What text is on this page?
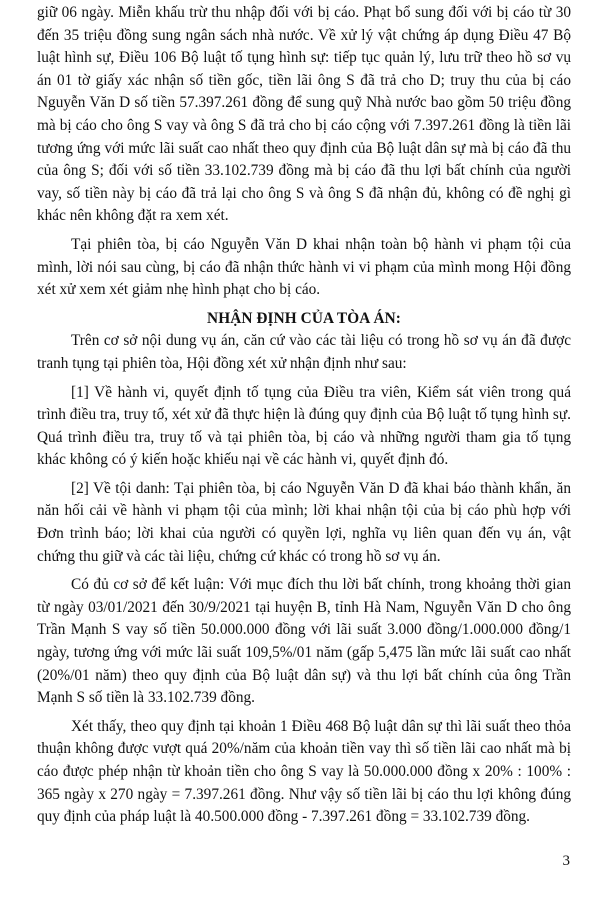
giữ 06 ngày. Miễn khấu trừ thu nhập đối với bị cáo. Phạt bổ sung đối với bị cáo từ 30 đến 35 triệu đồng sung ngân sách nhà nước. Về xử lý vật chứng áp dụng Điều 47 Bộ luật hình sự, Điều 106 Bộ luật tố tụng hình sự: tiếp tục quản lý, lưu trữ theo hồ sơ vụ án 01 tờ giấy xác nhận số tiền gốc, tiền lãi ông S đã trả cho D; truy thu của bị cáo Nguyễn Văn D số tiền 57.397.261 đồng để sung quỹ Nhà nước bao gồm 50 triệu đồng mà bị cáo cho ông S vay và ông S đã trả cho bị cáo cộng với 7.397.261 đồng là tiền lãi tương ứng với mức lãi suất cao nhất theo quy định của Bộ luật dân sự mà bị cáo đã thu của ông S; đối với số tiền 33.102.739 đồng mà bị cáo đã thu lợi bất chính của người vay, số tiền này bị cáo đã trả lại cho ông S và ông S đã nhận đủ, không có đề nghị gì khác nên không đặt ra xem xét.

Tại phiên tòa, bị cáo Nguyễn Văn D khai nhận toàn bộ hành vi phạm tội của mình, lời nói sau cùng, bị cáo đã nhận thức hành vi vi phạm của mình mong Hội đồng xét xử xem xét giảm nhẹ hình phạt cho bị cáo.

NHẬN ĐỊNH CỦA TÒA ÁN:

Trên cơ sở nội dung vụ án, căn cứ vào các tài liệu có trong hồ sơ vụ án đã được tranh tụng tại phiên tòa, Hội đồng xét xử nhận định như sau:

[1] Về hành vi, quyết định tố tụng của Điều tra viên, Kiểm sát viên trong quá trình điều tra, truy tố, xét xử đã thực hiện là đúng quy định của Bộ luật tố tụng hình sự. Quá trình điều tra, truy tố và tại phiên tòa, bị cáo và những người tham gia tố tụng khác không có ý kiến hoặc khiếu nại về các hành vi, quyết định đó.

[2] Về tội danh: Tại phiên tòa, bị cáo Nguyễn Văn D đã khai báo thành khẩn, ăn năn hối cải về hành vi phạm tội của mình; lời khai nhận tội của bị cáo phù hợp với Đơn trình báo; lời khai của người có quyền lợi, nghĩa vụ liên quan đến vụ án, vật chứng thu giữ và các tài liệu, chứng cứ khác có trong hồ sơ vụ án.

Có đủ cơ sở để kết luận: Với mục đích thu lời bất chính, trong khoảng thời gian từ ngày 03/01/2021 đến 30/9/2021 tại huyện B, tỉnh Hà Nam, Nguyễn Văn D cho ông Trần Mạnh S vay số tiền 50.000.000 đồng với lãi suất 3.000 đồng/1.000.000 đồng/1 ngày, tương ứng với mức lãi suất 109,5%/01 năm (gấp 5,475 lần mức lãi suất cao nhất (20%/01 năm) theo quy định của Bộ luật dân sự) và thu lợi bất chính của ông Trần Mạnh S số tiền là 33.102.739 đồng.

Xét thấy, theo quy định tại khoản 1 Điều 468 Bộ luật dân sự thì lãi suất theo thỏa thuận không được vượt quá 20%/năm của khoản tiền vay thì số tiền lãi cao nhất mà bị cáo được phép nhận từ khoản tiền cho ông S vay là 50.000.000 đồng x 20% : 100% : 365 ngày x 270 ngày = 7.397.261 đồng. Như vậy số tiền lãi bị cáo thu lợi không đúng quy định của pháp luật là 40.500.000 đồng - 7.397.261 đồng = 33.102.739 đồng.

3
